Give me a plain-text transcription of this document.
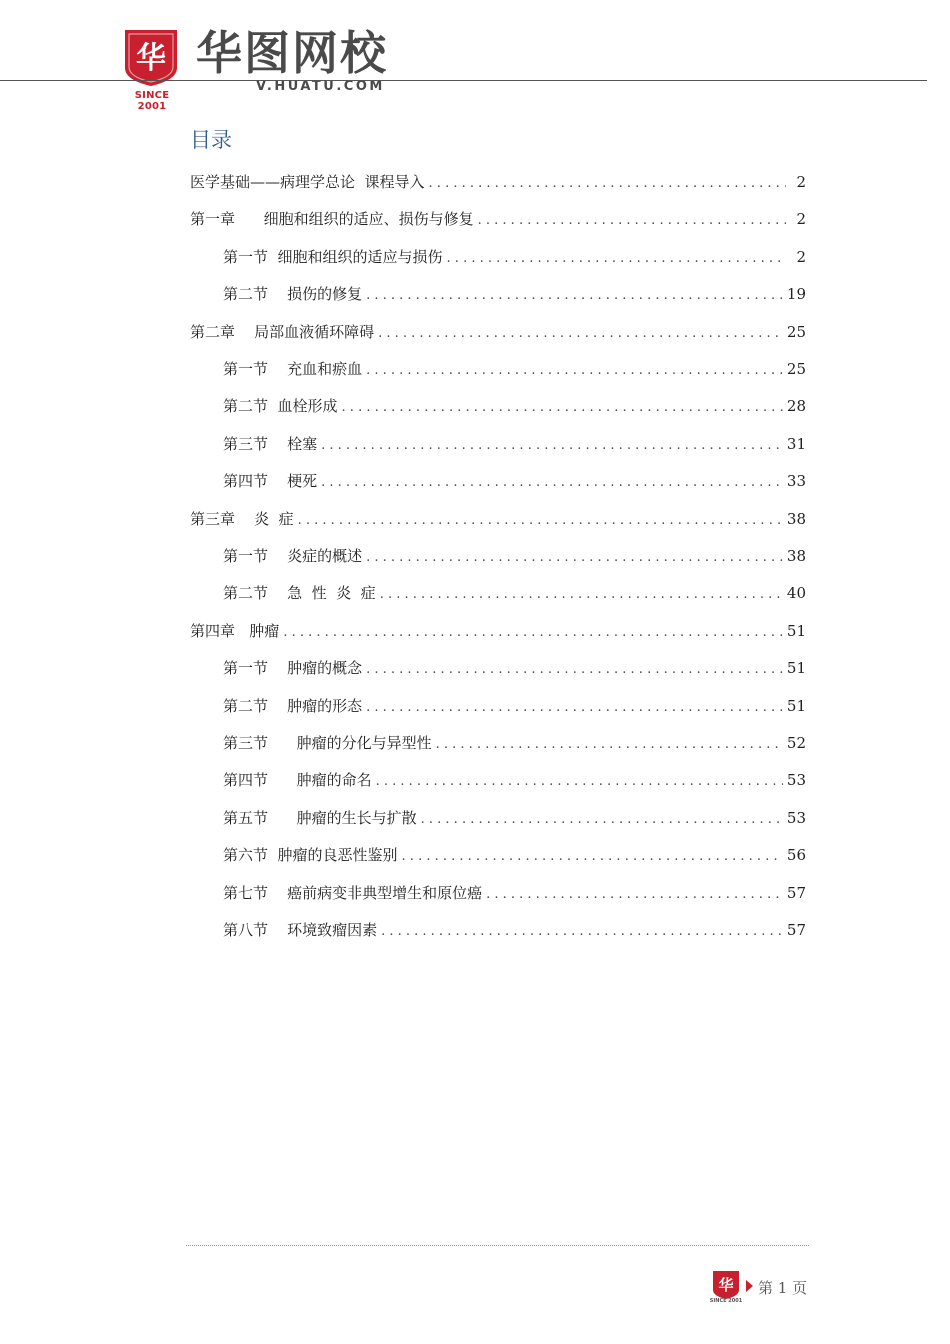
华
SINCE 2001
华图网校
V.HUATU.COM
目录
医学基础——病理学总论  课程导入 . . .	2
第一章      细胞和组织的适应、损伤与修复 . . .	2
第一节  细胞和组织的适应与损伤 . . .	2
第二节    损伤的修复 . . .	19
第二章    局部血液循环障碍 . . .	25
第一节    充血和瘀血 . . .	25
第二节  血栓形成 . . .	28
第三节    栓塞 . . .	31
第四节    梗死 . . .	33
第三章    炎  症 . . .	38
第一节    炎症的概述 . . .	38
第二节    急  性  炎  症 . . .	40
第四章   肿瘤 . . .	51
第一节    肿瘤的概念 . . .	51
第二节    肿瘤的形态 . . .	51
第三节      肿瘤的分化与异型性 . . .	52
第四节      肿瘤的命名 . . .	53
第五节      肿瘤的生长与扩散 . . .	53
第六节  肿瘤的良恶性鉴别 . . .	56
第七节    癌前病变非典型增生和原位癌 . . .	57
第八节    环境致瘤因素 . . .	57
华
SINCE 2001
第 1 页
